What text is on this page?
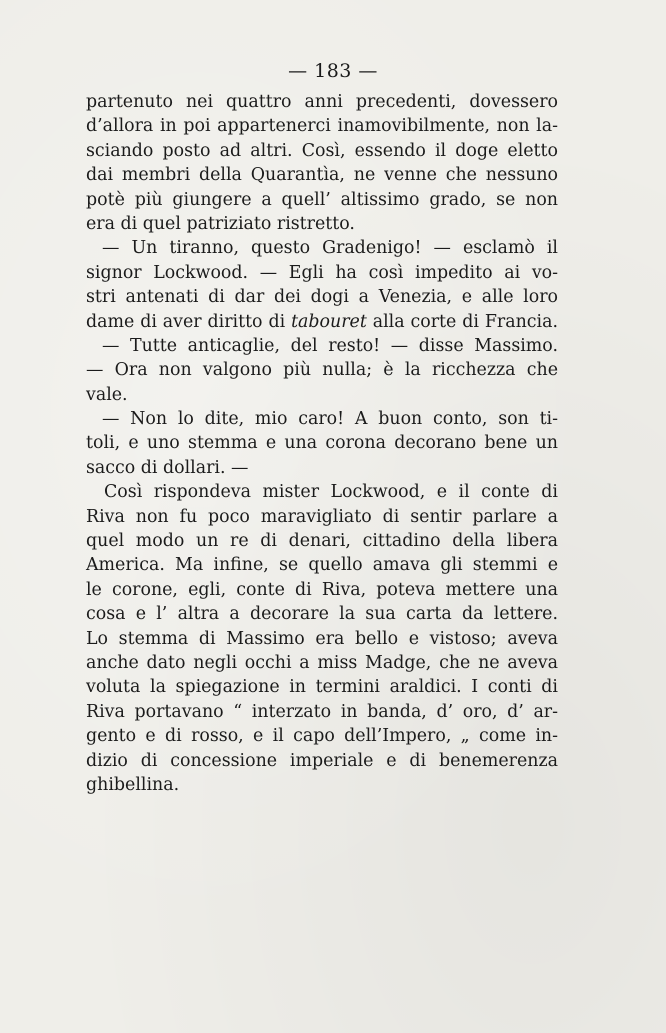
— 183 —
partenuto nei quattro anni precedenti, dovessero
d’allora in poi appartenerci inamovibilmente, non la-
sciando posto ad altri. Così, essendo il doge eletto
dai membri della Quarantìa, ne venne che nessuno
potè più giungere a quell’ altissimo grado, se non
era di quel patriziato ristretto.
— Un tiranno, questo Gradenigo! — esclamò il
signor Lockwood. — Egli ha così impedito ai vo-
stri antenati di dar dei dogi a Venezia, e alle loro
dame di aver diritto di tabouret alla corte di Francia.
— Tutte anticaglie, del resto! — disse Massimo.
— Ora non valgono più nulla; è la ricchezza che
vale.
— Non lo dite, mio caro! A buon conto, son ti-
toli, e uno stemma e una corona decorano bene un
sacco di dollari. —
Così rispondeva mister Lockwood, e il conte di
Riva non fu poco maravigliato di sentir parlare a
quel modo un re di denari, cittadino della libera
America. Ma infine, se quello amava gli stemmi e
le corone, egli, conte di Riva, poteva mettere una
cosa e l’ altra a decorare la sua carta da lettere.
Lo stemma di Massimo era bello e vistoso; aveva
anche dato negli occhi a miss Madge, che ne aveva
voluta la spiegazione in termini araldici. I conti di
Riva portavano “ interzato in banda, d’ oro, d’ ar-
gento e di rosso, e il capo dell’Impero, „ come in-
dizio di concessione imperiale e di benemerenza
ghibellina.
